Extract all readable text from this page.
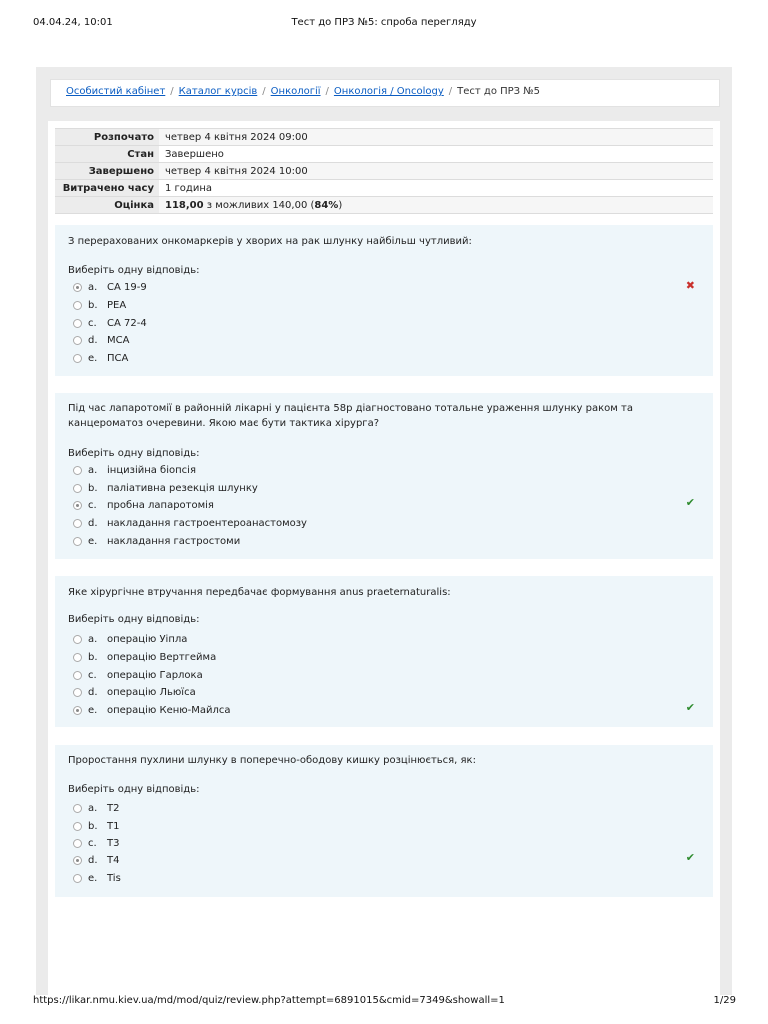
04.04.24, 10:01	Тест до ПРЗ №5: спроба перегляду
Особистий кабінет / Каталог курсів / Онкології / Онкологія / Oncology / Тест до ПРЗ №5
Розпочато	четвер 4 квітня 2024 09:00
Стан	Завершено
Завершено	четвер 4 квітня 2024 10:00
Витрачено часу	1 година
Оцінка	118,00 з можливих 140,00 (84%)
З перерахованих онкомаркерів у хворих на рак шлунку найбільш чутливий:
Виберіть одну відповідь:
a. CA 19-9
b. PEA
c.	CA 72-4
d. MCA
e. ПСА
✖
Під час лапаротомії в районній лікарні у пацієнта 58р діагностовано тотальне ураження шлунку раком та канцероматоз очеревини. Якою має бути тактика хірурга?
Виберіть одну відповідь:
a. інцизійна біопсія
b. паліативна резекція шлунку
c.	пробна лапаротомія
d. накладання гастроентероанастомозу
e. накладання гастростоми
✔
Яке хірургічне втручання передбачає формування anus praeternaturalis:
Виберіть одну відповідь:
a. операцію Уіпла
b. операцію Вертгейма
c.	операцію Гарлока
d. операцію Льюїса
e. операцію Кеню-Майлса	✔
Проростання пухлини шлунку в поперечно-ободову кишку розцінюється, як:
Виберіть одну відповідь:
a. T2
b. T1
c.	T3
d. T4
e. Tis
✔
https://likar.nmu.kiev.ua/md/mod/quiz/review.php?attempt=6891015&cmid=7349&showall=1	1/29
